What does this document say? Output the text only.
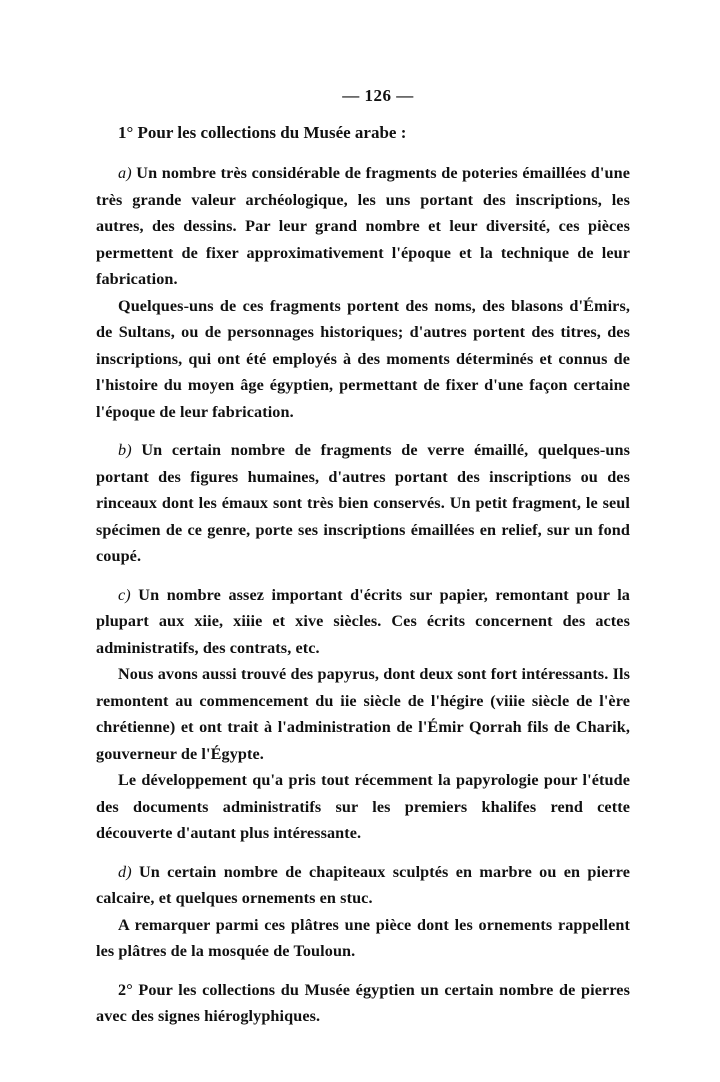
— 126 —
1° Pour les collections du Musée arabe :

a) Un nombre très considérable de fragments de poteries émaillées d'une très grande valeur archéologique, les uns portant des inscriptions, les autres, des dessins. Par leur grand nombre et leur diversité, ces pièces permettent de fixer approximativement l'époque et la technique de leur fabrication.

Quelques-uns de ces fragments portent des noms, des blasons d'Émirs, de Sultans, ou de personnages historiques; d'autres portent des titres, des inscriptions, qui ont été employés à des moments déterminés et connus de l'histoire du moyen âge égyptien, permettant de fixer d'une façon certaine l'époque de leur fabrication.

b) Un certain nombre de fragments de verre émaillé, quelques-uns portant des figures humaines, d'autres portant des inscriptions ou des rinceaux dont les émaux sont très bien conservés. Un petit fragment, le seul spécimen de ce genre, porte ses inscriptions émaillées en relief, sur un fond coupé.

c) Un nombre assez important d'écrits sur papier, remontant pour la plupart aux xiie, xiiie et xive siècles. Ces écrits concernent des actes administratifs, des contrats, etc.

Nous avons aussi trouvé des papyrus, dont deux sont fort intéressants. Ils remontent au commencement du iie siècle de l'hégire (viiie siècle de l'ère chrétienne) et ont trait à l'administration de l'Émir Qorrah fils de Charik, gouverneur de l'Égypte.

Le développement qu'a pris tout récemment la papyrologie pour l'étude des documents administratifs sur les premiers khalifes rend cette découverte d'autant plus intéressante.

d) Un certain nombre de chapiteaux sculptés en marbre ou en pierre calcaire, et quelques ornements en stuc.

A remarquer parmi ces plâtres une pièce dont les ornements rappellent les plâtres de la mosquée de Touloun.

2° Pour les collections du Musée égyptien un certain nombre de pierres avec des signes hiéroglyphiques.
